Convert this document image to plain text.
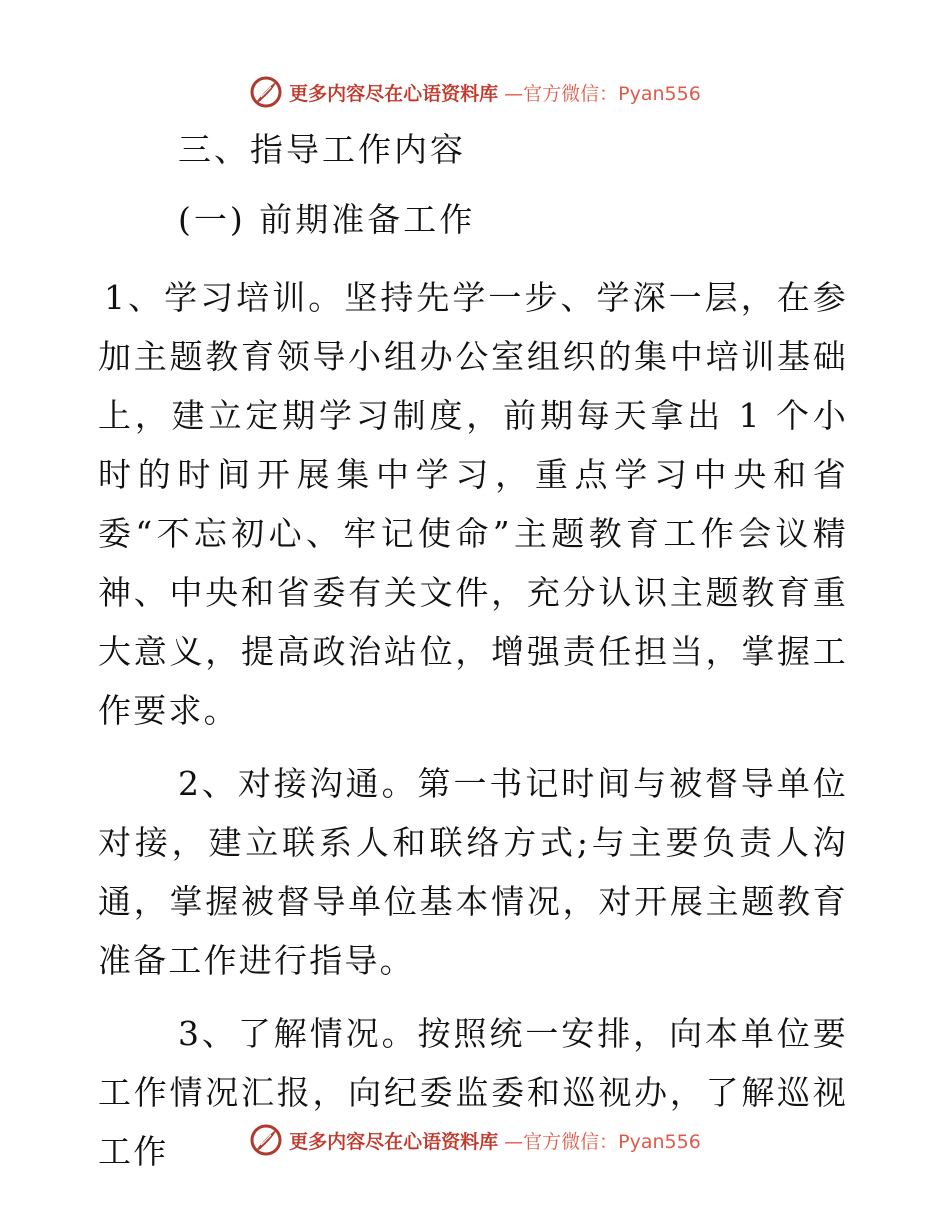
更多内容尽在心语资料库 —官方微信：Pyan556

三、指导工作内容

(一) 前期准备工作

1、学习培训。坚持先学一步、学深一层，在参加主题教育领导小组办公室组织的集中培训基础上，建立定期学习制度，前期每天拿出 1 个小时的时间开展集中学习，重点学习中央和省委“不忘初心、牢记使命”主题教育工作会议精神、中央和省委有关文件，充分认识主题教育重大意义，提高政治站位，增强责任担当，掌握工作要求。

2、对接沟通。第一书记时间与被督导单位对接，建立联系人和联络方式;与主要负责人沟通，掌握被督导单位基本情况，对开展主题教育准备工作进行指导。

3、了解情况。按照统一安排，向本单位要工作情况汇报，向纪委监委和巡视办，了解巡视工作	更多内容尽在心语资料库 —官方微信：Pyan556
